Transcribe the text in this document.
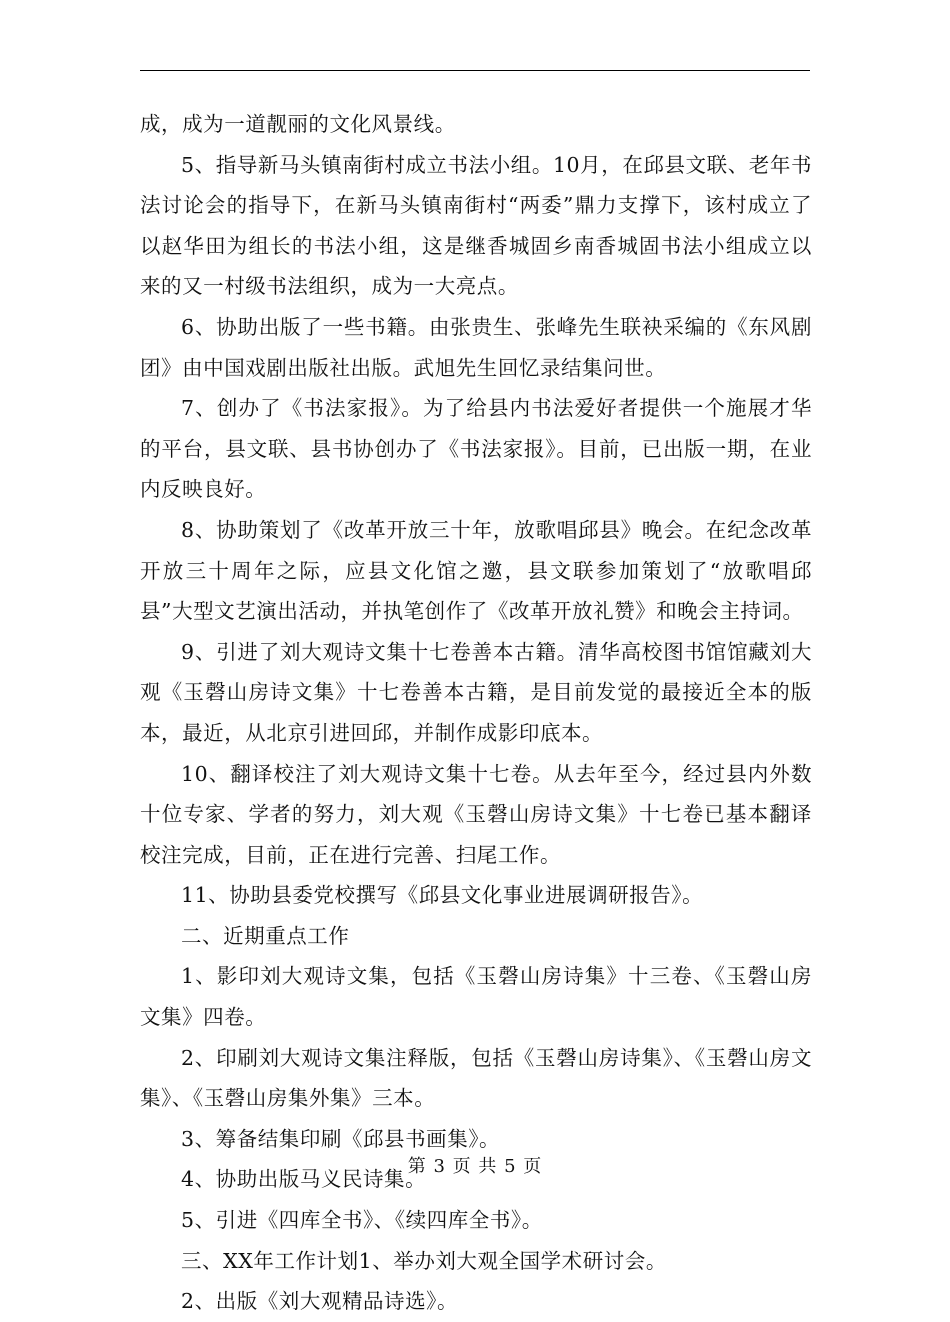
成，成为一道靓丽的文化风景线。

5、指导新马头镇南街村成立书法小组。10月，在邱县文联、老年书法讨论会的指导下，在新马头镇南街村“两委”鼎力支撑下，该村成立了以赵华田为组长的书法小组，这是继香城固乡南香城固书法小组成立以来的又一村级书法组织，成为一大亮点。

6、协助出版了一些书籍。由张贵生、张峰先生联袂采编的《东风剧团》由中国戏剧出版社出版。武旭先生回忆录结集问世。

7、创办了《书法家报》。为了给县内书法爱好者提供一个施展才华的平台，县文联、县书协创办了《书法家报》。目前，已出版一期，在业内反映良好。

8、协助策划了《改革开放三十年，放歌唱邱县》晚会。在纪念改革开放三十周年之际，应县文化馆之邀，县文联参加策划了“放歌唱邱县”大型文艺演出活动，并执笔创作了《改革开放礼赞》和晚会主持词。

9、引进了刘大观诗文集十七卷善本古籍。清华高校图书馆馆藏刘大观《玉磬山房诗文集》十七卷善本古籍，是目前发觉的最接近全本的版本，最近，从北京引进回邱，并制作成影印底本。

10、翻译校注了刘大观诗文集十七卷。从去年至今，经过县内外数十位专家、学者的努力，刘大观《玉磬山房诗文集》十七卷已基本翻译校注完成，目前，正在进行完善、扫尾工作。

11、协助县委党校撰写《邱县文化事业进展调研报告》。

二、近期重点工作

1、影印刘大观诗文集，包括《玉磬山房诗集》十三卷、《玉磬山房文集》四卷。

2、印刷刘大观诗文集注释版，包括《玉磬山房诗集》、《玉磬山房文集》、《玉磬山房集外集》三本。

3、筹备结集印刷《邱县书画集》。

4、协助出版马义民诗集。

5、引进《四库全书》、《续四库全书》。

三、XX年工作计划1、举办刘大观全国学术研讨会。

2、出版《刘大观精品诗选》。

第 3 页 共 5 页
